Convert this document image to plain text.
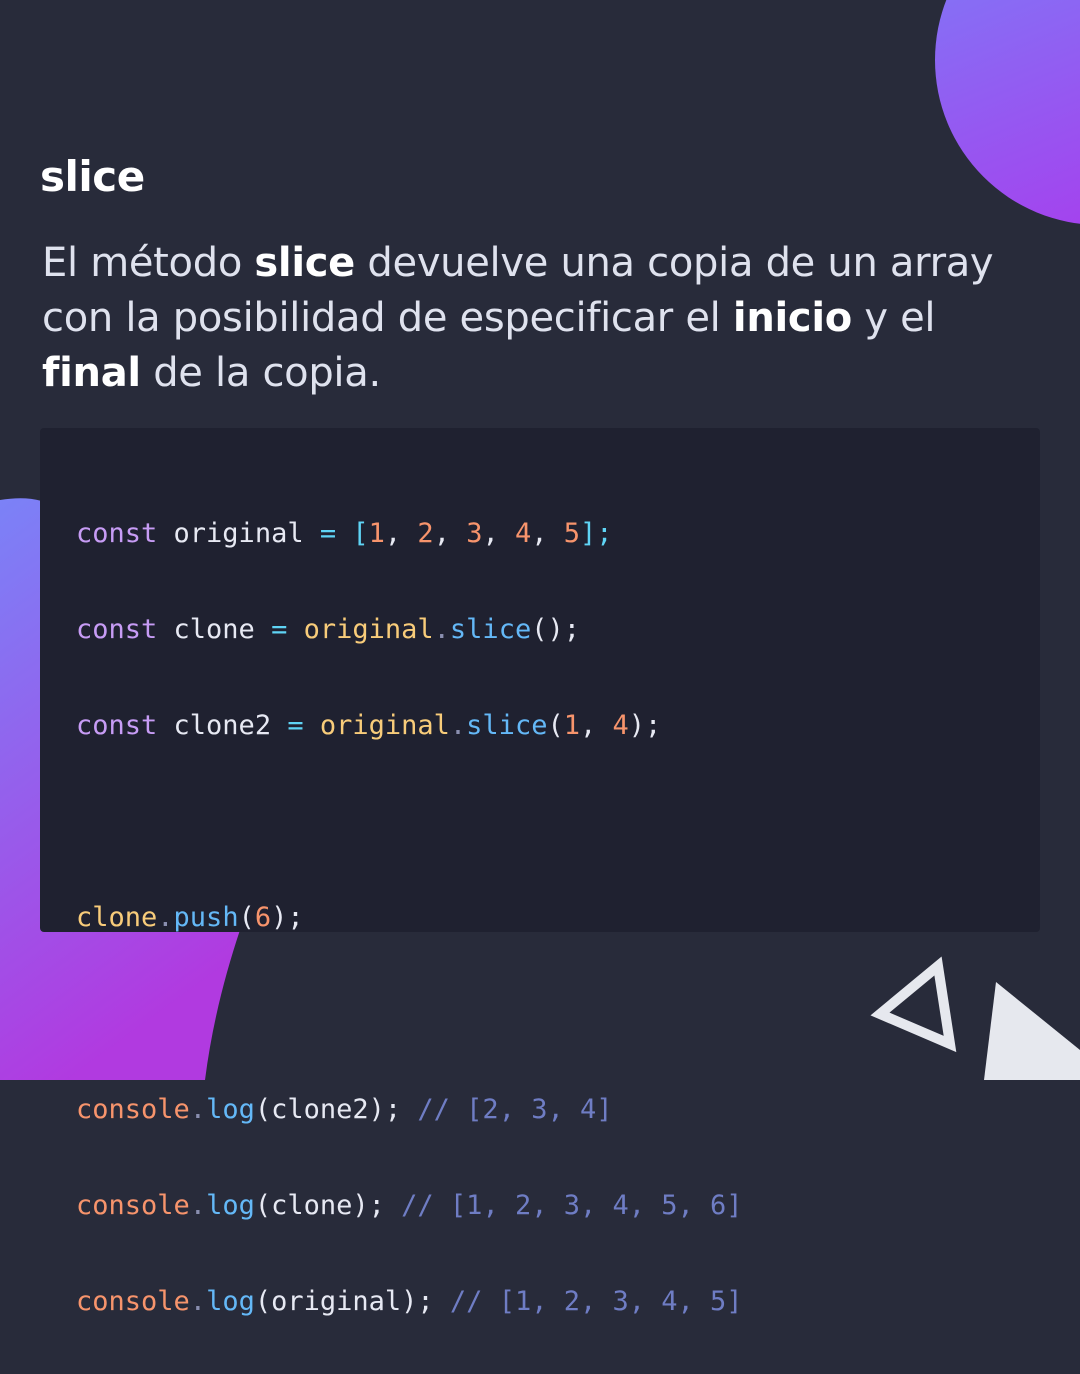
slice

El método slice devuelve una copia de un array con la posibilidad de especificar el inicio y el final de la copia.

const original = [1, 2, 3, 4, 5];

const clone = original.slice();

const clone2 = original.slice(1, 4);

clone.push(6);

console.log(clone2); // [2, 3, 4]

console.log(clone); // [1, 2, 3, 4, 5, 6]

console.log(original); // [1, 2, 3, 4, 5]
